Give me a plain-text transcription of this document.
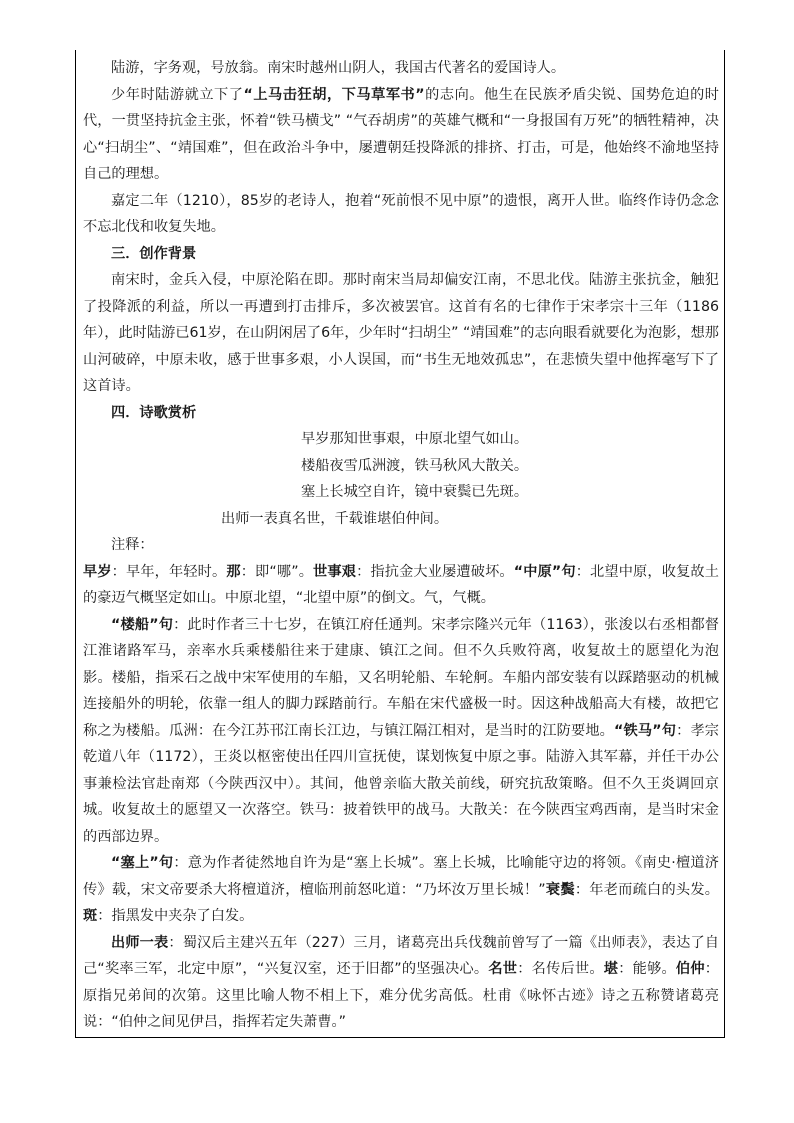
陆游，字务观，号放翁。南宋时越州山阴人，我国古代著名的爱国诗人。

少年时陆游就立下了“上马击狂胡，下马草军书”的志向。他生在民族矛盾尖锐、国势危迫的时代，一贯坚持抗金主张，怀着“铁马横戈” “气吞胡虏”的英雄气概和“一身报国有万死”的牺牲精神，决心“扫胡尘”、“靖国难”，但在政治斗争中，屡遭朝廷投降派的排挤、打击，可是，他始终不渝地坚持自己的理想。

嘉定二年（1210），85岁的老诗人，抱着“死前恨不见中原”的遗恨，离开人世。临终作诗仍念念不忘北伐和收复失地。

三．创作背景

南宋时，金兵入侵，中原沦陷在即。那时南宋当局却偏安江南，不思北伐。陆游主张抗金，触犯了投降派的利益，所以一再遭到打击排斥，多次被罢官。这首有名的七律作于宋孝宗十三年（1186年），此时陆游已61岁，在山阴闲居了6年，少年时“扫胡尘” “靖国难”的志向眼看就要化为泡影，想那山河破碎，中原未收，感于世事多艰，小人误国，而“书生无地效孤忠”，在悲愤失望中他挥毫写下了这首诗。

四．诗歌赏析

早岁那知世事艰，中原北望气如山。
楼船夜雪瓜洲渡，铁马秋风大散关。
塞上长城空自许，镜中衰鬓已先斑。
出师一表真名世，千载谁堪伯仲间。

注释：

早岁：早年，年轻时。那：即“哪”。世事艰：指抗金大业屡遭破坏。“中原”句：北望中原，收复故土的豪迈气概坚定如山。中原北望，“北望中原”的倒文。气，气概。

“楼船”句：此时作者三十七岁，在镇江府任通判。宋孝宗隆兴元年（1163），张浚以右丞相都督江淮诸路军马，亲率水兵乘楼船往来于建康、镇江之间。但不久兵败符离，收复故土的愿望化为泡影。楼船，指采石之战中宋军使用的车船，又名明轮船、车轮舸。车船内部安装有以踩踏驱动的机械连接船外的明轮，依靠一组人的脚力踩踏前行。车船在宋代盛极一时。因这种战船高大有楼，故把它称之为楼船。瓜洲：在今江苏邗江南长江边，与镇江隔江相对，是当时的江防要地。“铁马”句：孝宗乾道八年（1172），王炎以枢密使出任四川宣抚使，谋划恢复中原之事。陆游入其军幕，并任干办公事兼检法官赴南郑（今陕西汉中）。其间，他曾亲临大散关前线，研究抗敌策略。但不久王炎调回京城。收复故土的愿望又一次落空。铁马：披着铁甲的战马。大散关：在今陕西宝鸡西南，是当时宋金的西部边界。

“塞上”句：意为作者徒然地自许为是“塞上长城”。塞上长城，比喻能守边的将领。《南史·檀道济传》载，宋文帝要杀大将檀道济，檀临刑前怒叱道：“乃坏汝万里长城！”衰鬓：年老而疏白的头发。斑：指黑发中夹杂了白发。

出师一表：蜀汉后主建兴五年（227）三月，诸葛亮出兵伐魏前曾写了一篇《出师表》，表达了自己“奖率三军，北定中原”，“兴复汉室，还于旧都”的坚强决心。名世：名传后世。堪：能够。伯仲：原指兄弟间的次第。这里比喻人物不相上下，难分优劣高低。杜甫《咏怀古迹》诗之五称赞诸葛亮说：“伯仲之间见伊吕，指挥若定失萧曹。”
